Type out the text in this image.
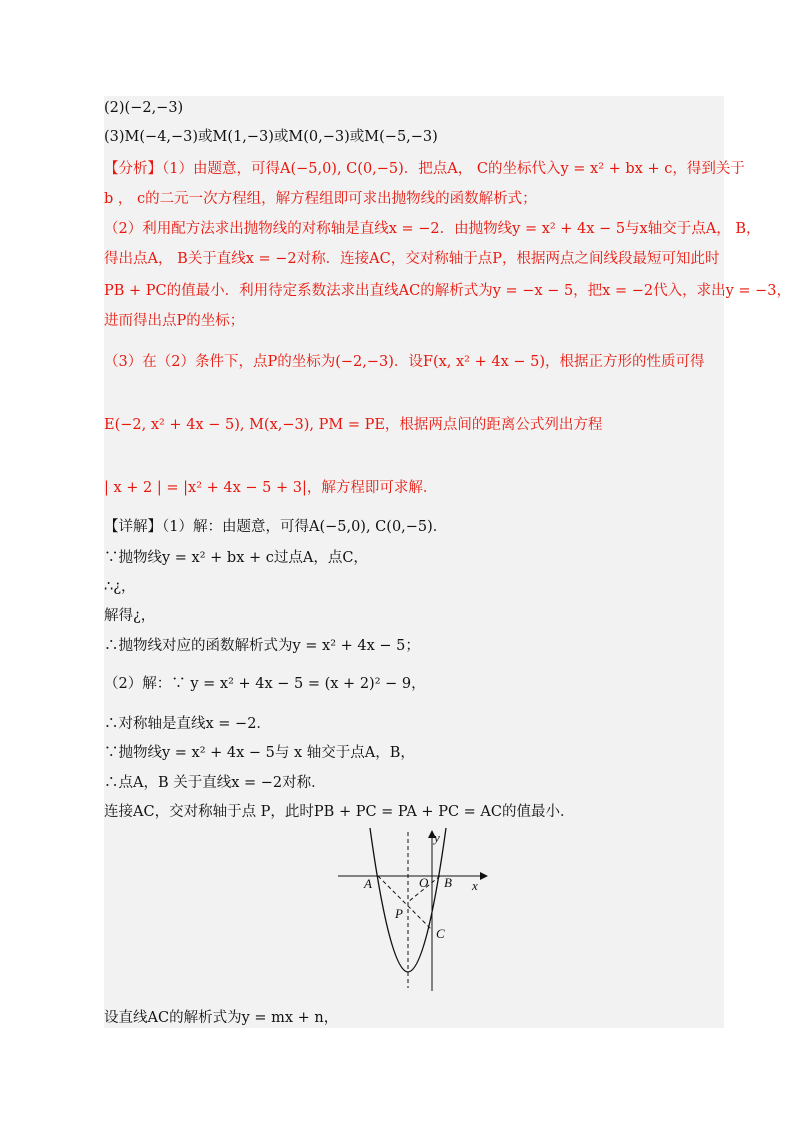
(2)(−2,−3)
(3)M(−4,−3)或M(1,−3)或M(0,−3)或M(−5,−3)
【分析】（1）由题意，可得A(−5,0), C(0,−5)．把点A， C的坐标代入y = x² + bx + c，得到关于
b ， c的二元一次方程组，解方程组即可求出抛物线的函数解析式；
（2）利用配方法求出抛物线的对称轴是直线x = −2．由抛物线y = x² + 4x − 5与x轴交于点A， B，
得出点A， B关于直线x = −2对称．连接AC，交对称轴于点P，根据两点之间线段最短可知此时
PB + PC的值最小．利用待定系数法求出直线AC的解析式为y = −x − 5，把x = −2代入，求出y = −3，
进而得出点P的坐标；
（3）在（2）条件下，点P的坐标为(−2,−3)．设F(x, x² + 4x − 5)，根据正方形的性质可得
E(−2, x² + 4x − 5), M(x,−3), PM = PE，根据两点间的距离公式列出方程
| x + 2 | = |x² + 4x − 5 + 3|，解方程即可求解．
【详解】（1）解：由题意，可得A(−5,0), C(0,−5)．
∵抛物线y = x² + bx + c过点A，点C，
∴¿，
解得¿，
∴抛物线对应的函数解析式为y = x² + 4x − 5；
（2）解：∵ y = x² + 4x − 5 = (x + 2)² − 9，
∴对称轴是直线x = −2．
∵抛物线y = x² + 4x − 5与 x 轴交于点A，B，
∴点A，B 关于直线x = −2对称．
连接AC，交对称轴于点 P，此时PB + PC = PA + PC = AC的值最小．
设直线AC的解析式为y = mx + n，
y
x
A	O B
P
C
